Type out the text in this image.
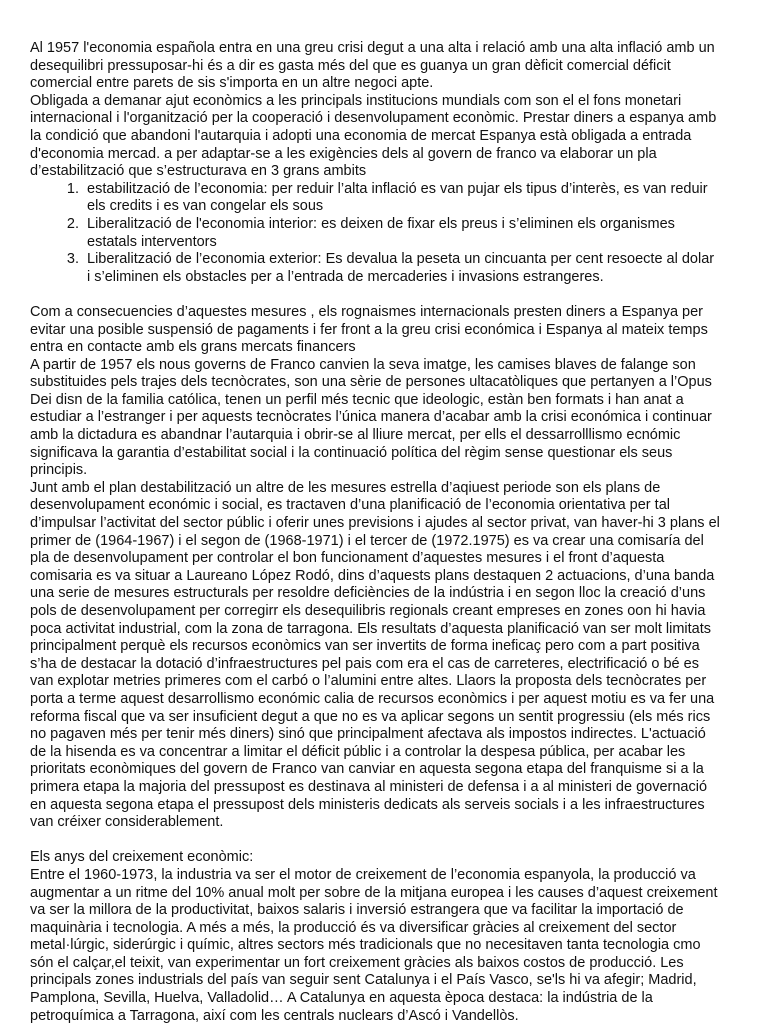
Al 1957 l'economia española entra en una greu crisi degut a una alta i relació amb una alta inflació amb un desequilibri pressuposar-hi és a dir es gasta més del que es guanya un gran dèficit comercial déficit comercial entre parets de sis s'importa en un altre negoci apte.

Obligada a demanar ajut econòmics a les principals institucions mundials com son el el fons monetari internacional i l'organització per la cooperació i desenvolupament econòmic. Prestar diners a espanya amb la condició que abandoni l'autarquia i adopti una economia de mercat Espanya està obligada a entrada d'economia mercad. a per adaptar-se a les exigències dels al govern de franco va elaborar un pla d’estabilització que s’estructurava en 3 grans ambits

1. estabilització de l’economia: per reduir l’alta inflació es van pujar els tipus d’interès, es van reduir els credits i es van congelar els sous
2. Liberalització de l'economia interior: es deixen de fixar els preus i s’eliminen els organismes estatals interventors
3. Liberalització de l’economia exterior: Es devalua la peseta un cincuanta per cent resoecte al dolar i s’eliminen els obstacles per a l’entrada de mercaderies i invasions estrangeres.

Com a consecuencies d’aquestes mesures , els rognaismes internacionals presten diners a Espanya per evitar una posible suspensió de pagaments i fer front a la greu crisi económica i Espanya al mateix temps entra en contacte amb els grans mercats financers

A partir de 1957 els nous governs de Franco canvien la seva imatge, les camises blaves de falange son substituides pels trajes dels tecnòcrates, son una sèrie de persones ultacatòliques que pertanyen a l’Opus Dei disn de la familia católica, tenen un perfil més tecnic que ideologic, estàn ben formats i han anat a estudiar a l’estranger i per aquests tecnòcrates l’única manera d’acabar amb la crisi económica i continuar amb la dictadura es abandnar l’autarquia i obrir-se al lliure mercat, per ells el dessarrolllismo ecnómic significava la garantia d’estabilitat social i la continuació política del règim sense questionar els seus principis.

Junt amb el plan destabilització un altre de les mesures estrella d’aqiuest periode son els plans de desenvolupament económic i social, es tractaven d’una planificació de l’economia orientativa per tal d’impulsar l’activitat del sector públic i oferir unes previsions i ajudes al sector privat, van haver-hi 3 plans el primer de (1964-1967) i el segon de (1968-1971) i el tercer de (1972.1975) es va crear una comisaría del pla de desenvolupament per controlar el bon funcionament d’aquestes mesures i el front d’aquesta comisaria es va situar a Laureano López Rodó, dins d’aquests plans destaquen 2 actuacions, d’una banda una serie de mesures estructurals per resoldre deficiències de la indústria i en segon lloc la creació d’uns pols de desenvolupament per corregirr els desequilibris regionals creant empreses en zones oon hi havia poca activitat industrial, com la zona de tarragona. Els resultats d’aquesta planificació van ser molt limitats principalment perquè els recursos econòmics van ser invertits de forma ineficaç pero com a part positiva s’ha de destacar la dotació d’infraestructures pel pais com era el cas de carreteres, electrificació o bé es van explotar metries primeres com el carbó o l’alumini entre altes. Llaors la proposta dels tecnòcrates per porta a terme aquest desarrollismo económic calia de recursos econòmics i per aquest motiu es va fer una reforma fiscal que va ser insuficient degut a que no es va aplicar segons un sentit progressiu (els més rics no pagaven més per tenir més diners) sinó que principalment afectava als impostos indirectes. L'actuació de la hisenda es va concentrar a limitar el déficit públic i a controlar la despesa pública, per acabar les prioritats econòmiques del govern de Franco van canviar en aquesta segona etapa del franquisme si a la primera etapa la majoria del pressupost es destinava al ministeri de defensa i a al ministeri de governació en aquesta segona etapa el pressupost dels ministeris dedicats als serveis socials i a les infraestructures van créixer considerablement.

Els anys del creixement econòmic:

Entre el 1960-1973, la industria va ser el motor de creixement de l’economia espanyola, la producció va augmentar a un ritme del 10% anual molt per sobre de la mitjana europea i les causes d’aquest creixement va ser la millora de la productivitat, baixos salaris i inversió estrangera que va facilitar la importació de maquinària i tecnologia. A més a més, la producció és va diversificar gràcies al creixement del sector metal·lúrgic, siderúrgic i químic, altres sectors més tradicionals que no necesitaven tanta tecnologia cmo són el calçar,el teixit, van experimentar un fort creixement gràcies als baixos costos de producció. Les principals zones industrials del país van seguir sent Catalunya i el País Vasco, se'ls hi va afegir; Madrid, Pamplona, Sevilla, Huelva, Valladolid… A Catalunya en aquesta època destaca: la indústria de la petroquímica a Tarragona, així com les centrals nuclears d’Ascó i Vandellòs.
